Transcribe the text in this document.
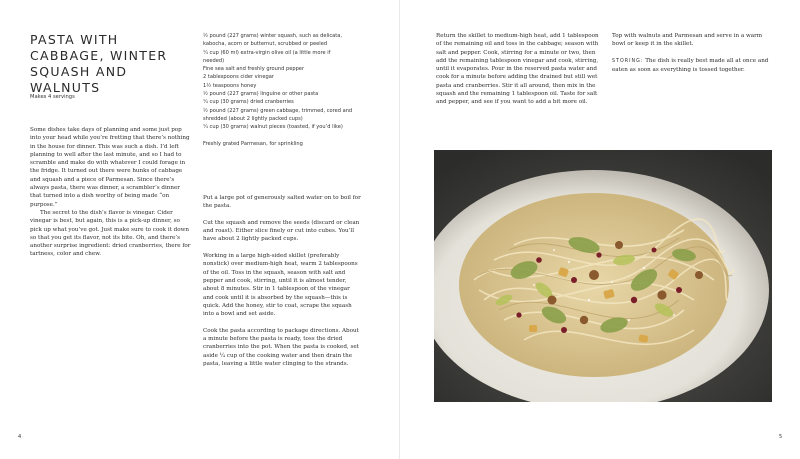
PASTA WITH CABBAGE, WINTER SQUASH AND WALNUTS
Makes 4 servings

Some dishes take days of planning and some just pop into your head while you’re fretting that there’s nothing in the house for dinner. This was such a dish. I’d left planning to well after the last minute, and so I had to scramble and make do with whatever I could forage in the fridge. It turned out there were hunks of cabbage and squash and a piece of Parmesan. Since there’s always pasta, there was dinner, a scrambler’s dinner that turned into a dish worthy of being made “on purpose.”

The secret to the dish’s flavor is vinegar. Cider vinegar is best, but again, this is a pick-up dinner, so pick up what you’ve got. Just make sure to cook it down so that you get its flavor, not its bite. Oh, and there’s another surprise ingredient: dried cranberries, there for tartness, color and chew.

½ pound (227 grams) winter squash, such as delicata, kabocha, acorn or butternut, scrubbed or peeled
¼ cup (60 ml) extra-virgin olive oil (a little more if needed)
Fine sea salt and freshly ground pepper
2 tablespoons cider vinegar
1½ teaspoons honey
½ pound (227 grams) linguine or other pasta
¼ cup (30 grams) dried cranberries
½ pound (227 grams) green cabbage, trimmed, cored and shredded (about 2 lightly packed cups)
¼ cup (30 grams) walnut pieces (toasted, if you’d like)
Freshly grated Parmesan, for sprinkling

Put a large pot of generously salted water on to boil for the pasta.

Cut the squash and remove the seeds (discard or clean and roast). Either slice finely or cut into cubes. You’ll have about 2 lightly packed cups.

Working in a large high-sided skillet (preferably nonstick) over medium-high heat, warm 2 tablespoons of the oil. Toss in the squash, season with salt and pepper and cook, stirring, until it is almost tender, about 8 minutes. Stir in 1 tablespoon of the vinegar and cook until it is absorbed by the squash—this is quick. Add the honey, stir to coat, scrape the squash into a bowl and set aside.

Cook the pasta according to package directions. About a minute before the pasta is ready, toss the dried cranberries into the pot. When the pasta is cooked, set aside ¼ cup of the cooking water and then drain the pasta, leaving a little water clinging to the strands.

4	5
Return the skillet to medium-high heat, add 1 tablespoon of the remaining oil and toss in the cabbage; season with salt and pepper. Cook, stirring for a minute or two, then add the remaining tablespoon vinegar and cook, stirring, until it evaporates. Pour in the reserved pasta water and cook for a minute before adding the drained but still wet pasta and cranberries. Stir it all around, then mix in the squash and the remaining 1 tablespoon oil. Taste for salt and pepper, and see if you want to add a bit more oil.

Top with walnuts and Parmesan and serve in a warm bowl or keep it in the skillet.

STORING: The dish is really best made all at once and eaten as soon as everything is tossed together.
